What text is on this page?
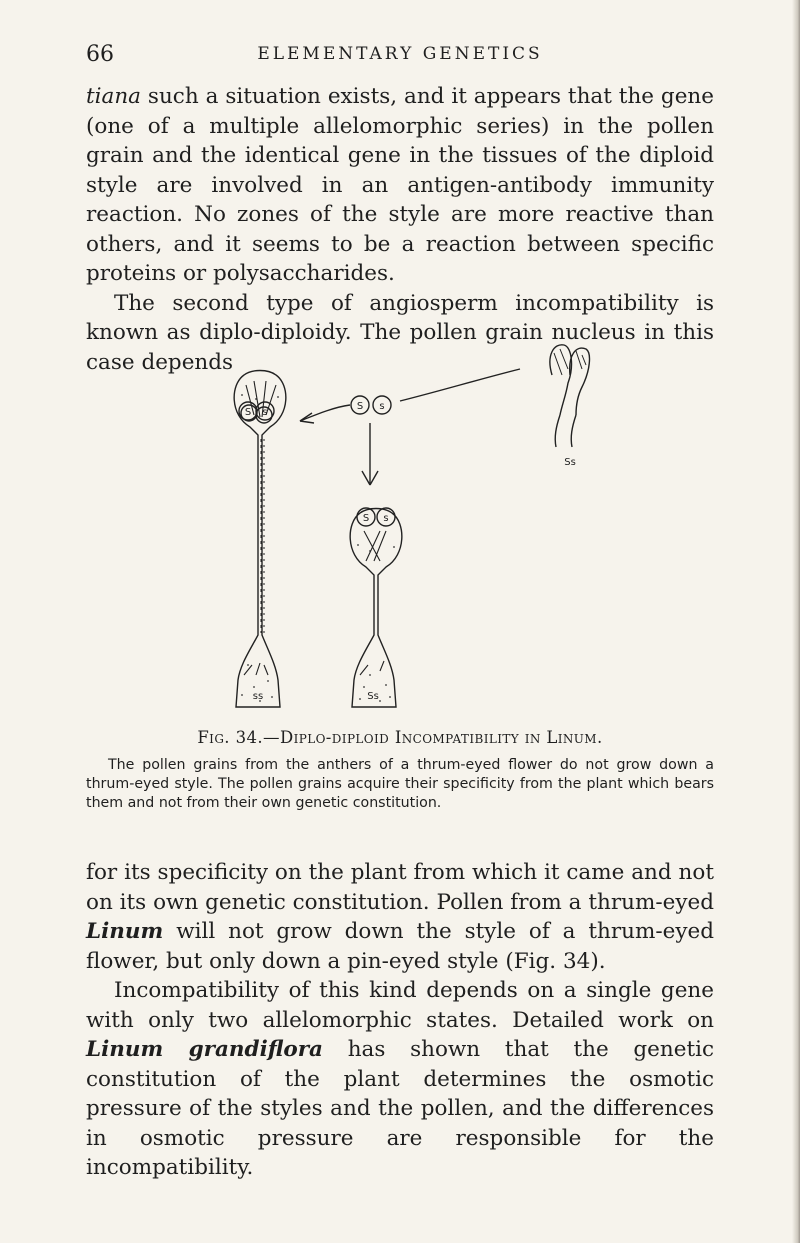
66	ELEMENTARY GENETICS

tiana such a situation exists, and it appears that the gene (one of a multiple allelomorphic series) in the pollen grain and the identical gene in the tissues of the diploid style are involved in an antigen-antibody immunity reaction. No zones of the style are more reactive than others, and it seems to be a reaction between specific proteins or polysaccharides.

The second type of angiosperm incompatibility is known as diplo-diploidy. The pollen grain nucleus in this case depends

S s
S s
S s
ss	Ss
Ss
Fig. 34.—Diplo-diploid Incompatibility in Linum.

The pollen grains from the anthers of a thrum-eyed flower do not grow down a thrum-eyed style. The pollen grains acquire their specificity from the plant which bears them and not from their own genetic constitution.

for its specificity on the plant from which it came and not on its own genetic constitution. Pollen from a thrum-eyed Linum will not grow down the style of a thrum-eyed flower, but only down a pin-eyed style (Fig. 34).

Incompatibility of this kind depends on a single gene with only two allelomorphic states. Detailed work on Linum grandiflora has shown that the genetic constitution of the plant determines the osmotic pressure of the styles and the pollen, and the differences in osmotic pressure are responsible for the incompatibility.
